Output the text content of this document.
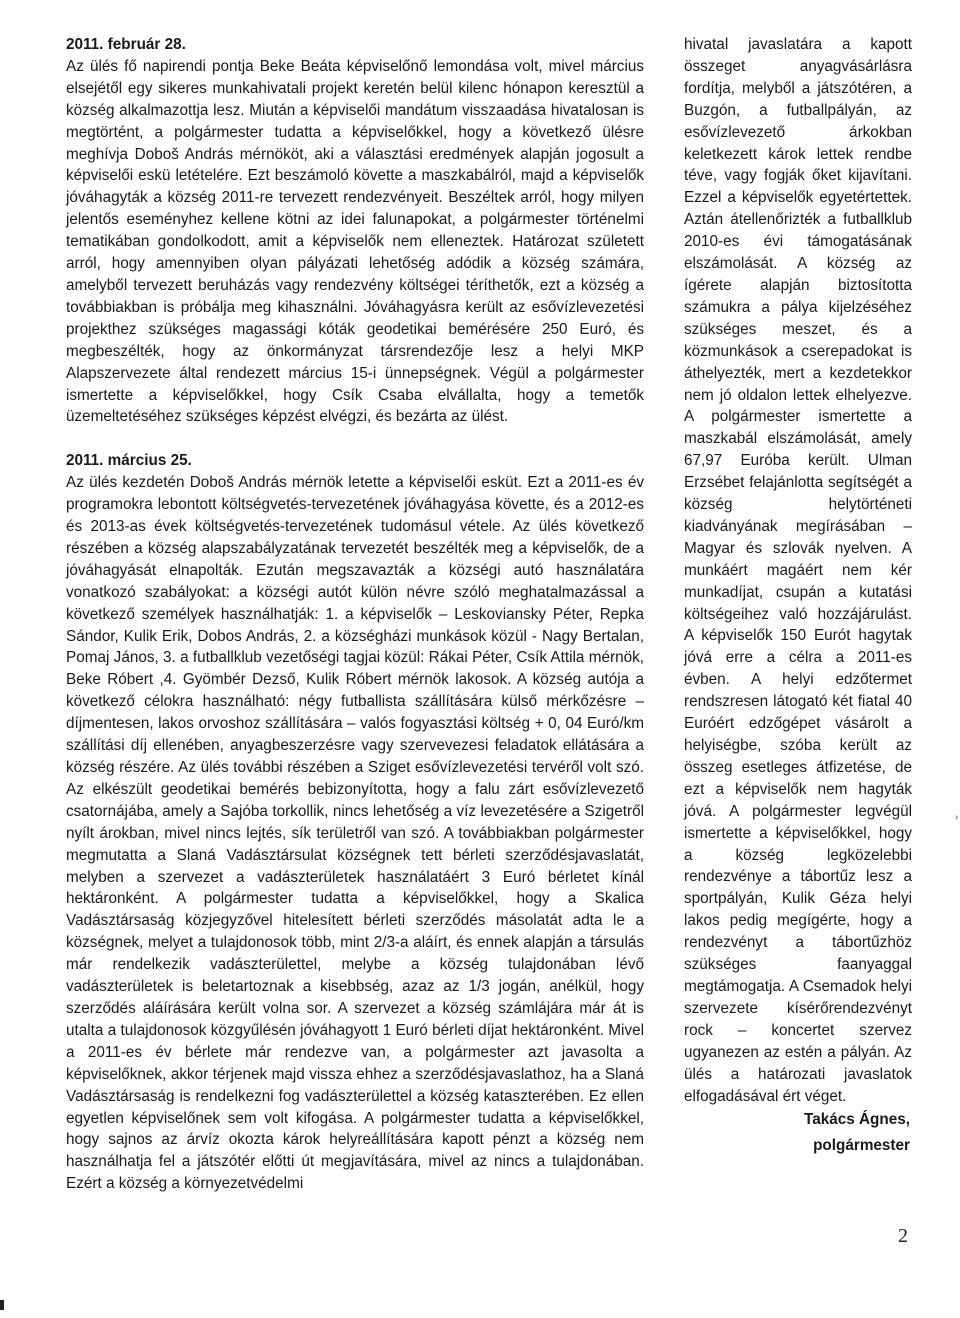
2011. február 28.

Az ülés fő napirendi pontja Beke Beáta képviselőnő lemondása volt, mivel március elsejétől egy sikeres munkahivatali projekt keretén belül kilenc hónapon keresztül a község alkalmazottja lesz. Miután a képviselői mandátum visszaadása hivatalosan is megtörtént, a polgármester tudatta a képviselőkkel, hogy a következő ülésre meghívja Doboš András mérnököt, aki a választási eredmények alapján jogosult a képviselői eskü letételére. Ezt beszámoló követte a maszkabálról, majd a képviselők jóváhagyták a község 2011-re tervezett rendezvényeit. Beszéltek arról, hogy milyen jelentős eseményhez kellene kötni az idei falunapokat, a polgármester történelmi tematikában gondolkodott, amit a képviselők nem elleneztek. Határozat született arról, hogy amennyiben olyan pályázati lehetőség adódik a község számára, amelyből tervezett beruházás vagy rendezvény költségei téríthetők, ezt a község a továbbiakban is próbálja meg kihasználni. Jóváhagyásra került az esővízlevezetési projekthez szükséges magassági kóták geodetikai bemérésére 250 Euró, és megbeszélték, hogy az önkormányzat társrendezője lesz a helyi MKP Alapszervezete által rendezett március 15-i ünnepségnek. Végül a polgármester ismertette a képviselőkkel, hogy Csík Csaba elvállalta, hogy a temetők üzemeltetéséhez szükséges képzést elvégzi, és bezárta az ülést.

2011. március 25.

Az ülés kezdetén Doboš András mérnök letette a képviselői esküt. Ezt a 2011-es év programokra lebontott költségvetés-tervezetének jóváhagyása követte, és a 2012-es és 2013-as évek költségvetés-tervezetének tudomásul vétele. Az ülés következő részében a község alapszabályzatának tervezetét beszélték meg a képviselők, de a jóváhagyását elnapolták. Ezután megszavazták a községi autó használatára vonatkozó szabályokat: a községi autót külön névre szóló meghatalmazással a következő személyek használhatják: 1. a képviselők – Leskoviansky Péter, Repka Sándor, Kulik Erik, Dobos András, 2. a községházi munkások közül - Nagy Bertalan, Pomaj János, 3. a futballklub vezetőségi tagjai közül: Rákai Péter, Csík Attila mérnök, Beke Róbert ,4. Gyömbér Dezső, Kulik Róbert mérnök lakosok. A község autója a következő célokra használható: négy futballista szállítására külső mérkőzésre – díjmentesen, lakos orvoshoz szállítására – valós fogyasztási költség + 0, 04 Euró/km szállítási díj ellenében, anyagbeszerzésre vagy szervevezesi feladatok ellátására a község részére. Az ülés további részében a Sziget esővízlevezetési tervéről volt szó. Az elkészült geodetikai bemérés bebizonyította, hogy a falu zárt esővízlevezető csatornájába, amely a Sajóba torkollik, nincs lehetőség a víz levezetésére a Szigetről nyílt árokban, mivel nincs lejtés, sík területről van szó. A továbbiakban polgármester megmutatta a Slaná Vadásztársulat községnek tett bérleti szerződésjavaslatát, melyben a szervezet a vadászterületek használatáért 3 Euró bérletet kínál hektáronként. A polgármester tudatta a képviselőkkel, hogy a Skalica Vadásztársaság közjegyzővel hitelesített bérleti szerződés másolatát adta le a községnek, melyet a tulajdonosok több, mint 2/3-a aláírt, és ennek alapján a társulás már rendelkezik vadászterülettel, melybe a község tulajdonában lévő vadászterületek is beletartoznak a kisebbség, azaz az 1/3 jogán, anélkül, hogy szerződés aláírására került volna sor. A szervezet a község számlájára már át is utalta a tulajdonosok közgyűlésén jóváhagyott 1 Euró bérleti díjat hektáronként. Mivel a 2011-es év bérlete már rendezve van, a polgármester azt javasolta a képviselőknek, akkor térjenek majd vissza ehhez a szerződésjavaslathoz, ha a Slaná Vadásztársaság is rendelkezni fog vadászterülettel a község kataszterében. Ez ellen egyetlen képviselőnek sem volt kifogása. A polgármester tudatta a képviselőkkel, hogy sajnos az árvíz okozta károk helyreállítására kapott pénzt a község nem használhatja fel a játszótér előtti út megjavítására, mivel az nincs a tulajdonában. Ezért a község a környezetvédelmi

hivatal javaslatára a kapott összeget anyagvásárlásra fordítja, melyből a játszótéren, a Buzgón, a futballpályán, az esővízlevezető árkokban keletkezett károk lettek rendbe téve, vagy fogják őket kijavítani. Ezzel a képviselők egyetértettek. Aztán átellenőrizték a futballklub 2010-es évi támogatásának elszámolását. A község az ígérete alapján biztosította számukra a pálya kijelzéséhez szükséges meszet, és a közmunkások a cserepadokat is áthelyezték, mert a kezdetekkor nem jó oldalon lettek elhelyezve. A polgármester ismertette a maszkabál elszámolását, amely 67,97 Euróba került. Ulman Erzsébet felajánlotta segítségét a község helytörténeti kiadványának megírásában – Magyar és szlovák nyelven. A munkáért magáért nem kér munkadíjat, csupán a kutatási költségeihez való hozzájárulást. A képviselők 150 Eurót hagytak jóvá erre a célra a 2011-es évben. A helyi edzőtermet rendszresen látogató két fiatal 40 Euróért edzőgépet vásárolt a helyiségbe, szóba került az összeg esetleges átfizetése, de ezt a képviselők nem hagyták jóvá. A polgármester legvégül ismertette a képviselőkkel, hogy a község legközelebbi rendezvénye a tábortűz lesz a sportpályán, Kulik Géza helyi lakos pedig megígérte, hogy a rendezvényt a tábortűzhöz szükséges faanyaggal megtámogatja. A Csemadok helyi szervezete kísérőrendezvényt rock – koncertet szervez ugyanezen az estén a pályán. Az ülés a határozati javaslatok elfogadásával ért véget.

Takács Ágnes,

polgármester

2
›
